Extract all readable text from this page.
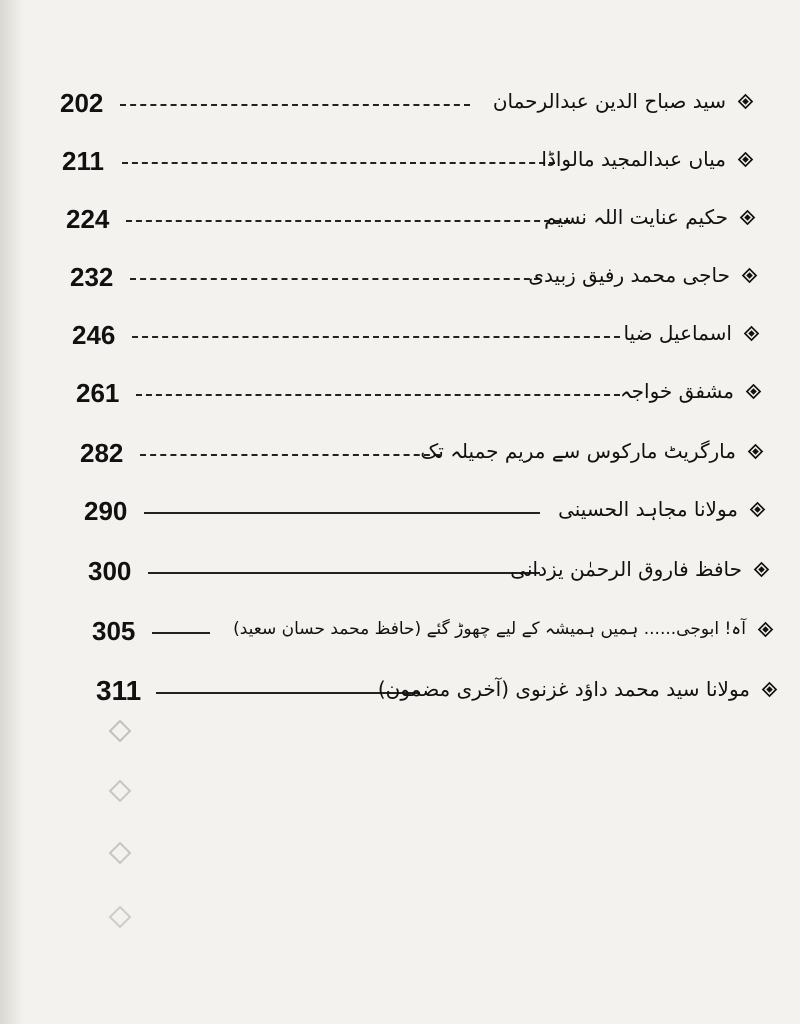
202	سید صباح الدین عبدالرحمان
211	میاں عبدالمجید مالواڈا
224	حکیم عنایت اللہ نسیم
232	حاجی محمد رفیق زبیدی
246	اسماعیل ضیا
261	مشفق خواجہ
282	مارگریٹ مارکوس سے مریم جمیلہ تک
290	مولانا مجاہد الحسینی
300	حافظ فاروق الرحمٰن یزدانی
305	آہ! ابوجی...... ہمیں ہمیشہ کے لیے چھوڑ گئے (حافظ محمد حسان سعید)
311	مولانا سید محمد داؤد غزنوی (آخری مضمون)
